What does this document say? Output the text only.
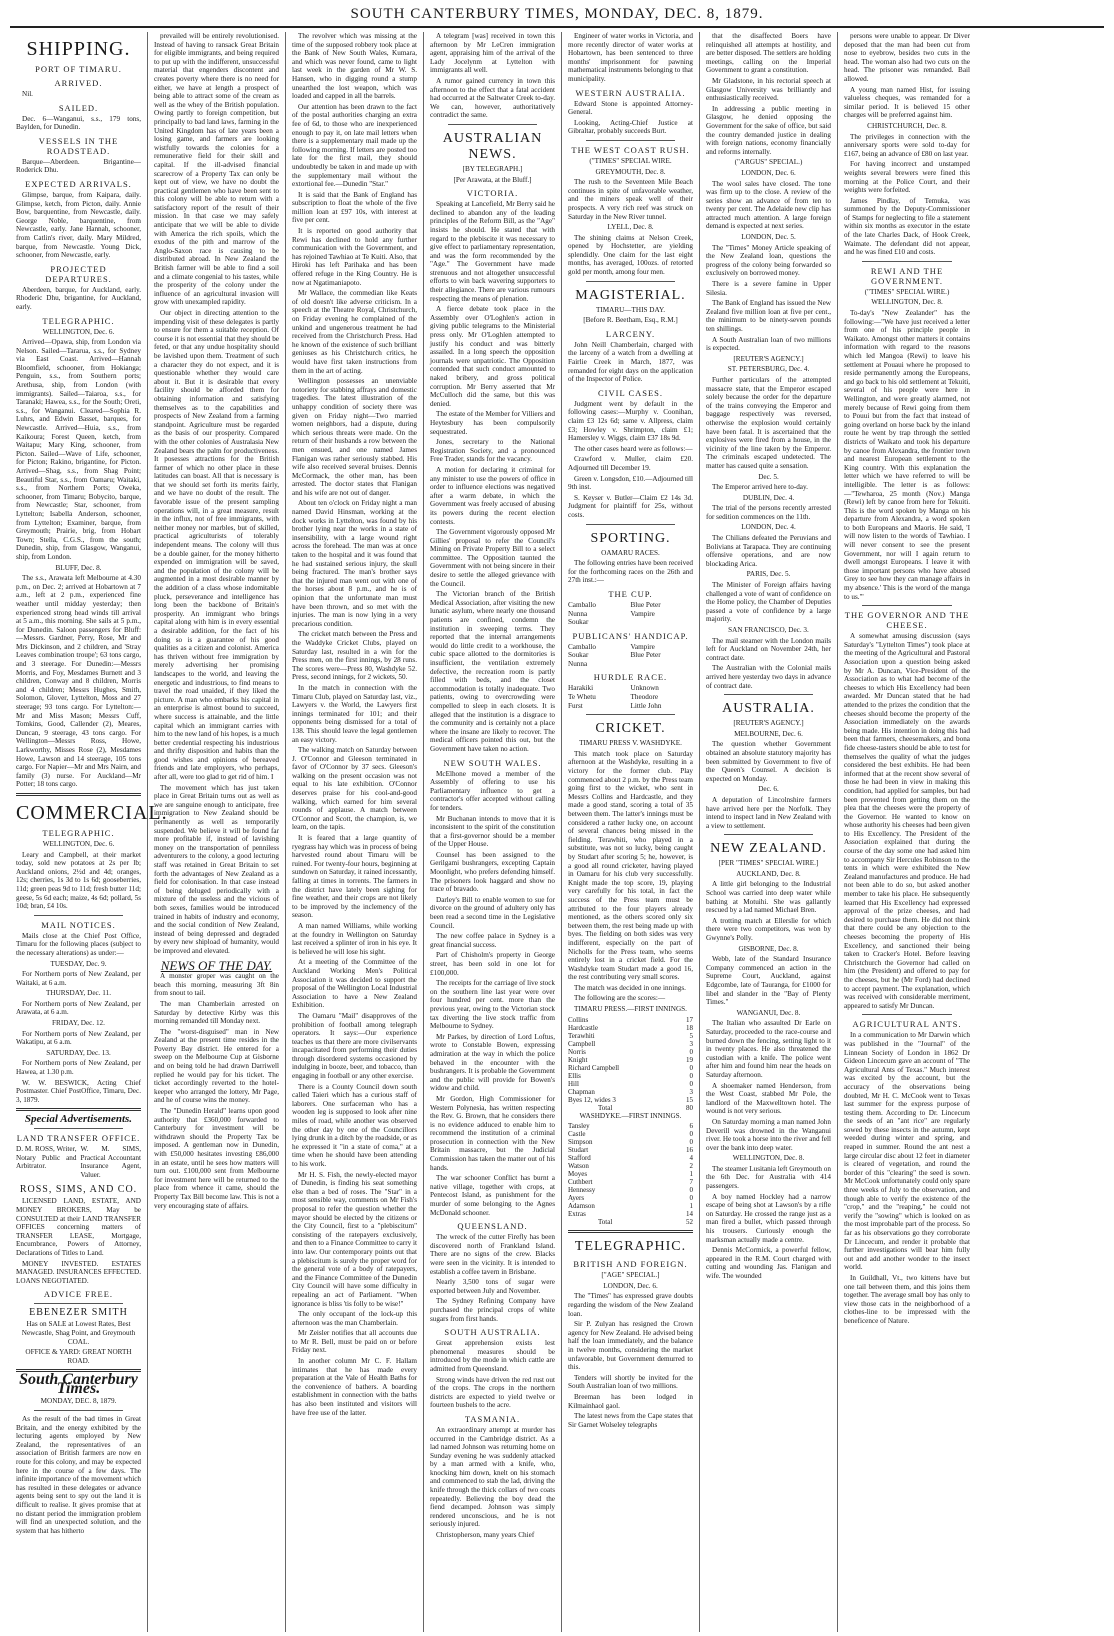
SOUTH CANTERBURY TIMES, MONDAY, DEC. 8, 1879.
SHIPPING.
PORT OF TIMARU.
ARRIVED.

Nil.

SAILED.

Dec. 6—Wanganui, s.s., 179 tons, Baylden, for Dunedin.

VESSELS IN THE ROADSTEAD.

Barque—Aberdeen. Brigantine—Roderick Dhu.

EXPECTED ARRIVALS.

Glimpse, barque, from Kaipara, daily. Glimpse, ketch, from Picton, daily. Annie Bow, barquentine, from Newcastle, daily. George Noble, barquentine, from Newcastle, early. Jane Hannah, schooner, from Catlin's river, daily. Mary Mildred, barque, from Newcastle. Young Dick, schooner, from Newcastle, early.

PROJECTED DEPARTURES.

Aberdeen, barque, for Auckland, early. Rhoderic Dhu, brigantine, for Auckland, early.

TELEGRAPHIC.

WELLINGTON, Dec. 6.

Arrived—Opawa, ship, from London via Nelson. Sailed—Tararua, s.s., for Sydney via East Coast. Arrived—Hannah Bloomfield, schooner, from Hokianga; Penguin, s.s., from Southern ports; Arethusa, ship, from London (with immigrants). Sailed—Taiaroa, s.s., for Taranaki; Hawea, s.s., for the South; Oreti, s.s., for Wanganui. Cleared—Sophia R. Luhrs, and Edwin Basset, barques, for Newcastle. Arrived—Huia, s.s., from Kaikoura; Forest Queen, ketch, from Waitapu; Mary King, schooner, from Picton. Sailed—Wave of Life, schooner, for Picton; Rakino, brigantine, for Picton. Arrived—Shag, s.s., from Shag Point; Beautiful Star, s.s., from Oamaru; Waitaki, s.s., from Northern Ports; Oweka, schooner, from Timaru; Bobycito, barque, from Newcastle; Star, schooner, from Lyttelton; Isabella Anderson, schooner, from Lyttelton; Examiner, barque, from Greymouth; Prairie, brig, from Hobart Town; Stella, C.G.S., from the south; Dunedin, ship, from Glasgow, Wanganui, ship, from London.

BLUFF, Dec. 8.

The s.s., Arawata left Melbourne at 4.30 p.m., on Dec. 2; arrived at Hobartown at 7 a.m., left at 2 p.m., experienced fine weather until midday yesterday; then experienced strong head winds till arrival at 5 a.m., this morning. She sails at 5 p.m., for Dunedin. Saloon passengers for Bluff:—Messrs. Gardner, Perry, Rose, Mr and Mrs Dickinson, and 2 children, and 'Stray Leaves combination troupe'; 63 tons cargo, and 3 steerage. For Dunedin:—Messrs Morris, and Foy, Mesdames Burnett and 3 children, Conway and 8 children, Morris and 4 children; Messrs Hughes, Smith, Solomon, Glover, Lyttelton, Moss and 27 steerage; 93 tons cargo. For Lyttelton:—Mr and Miss Mason; Messrs Cuff, Tomkins, Good, Callender (2), Meares, Duncan, 9 steerage, 43 tons cargo. For Wellington—Messrs Ross, Howe, Larkworthy, Misses Rose (2), Mesdames Howe, Lawson and 14 steerage, 105 tons cargo. For Napier—Mr and Mrs Nairn, and family (3) nurse. For Auckland—Mr Potter; 18 tons cargo.

COMMERCIAL.
TELEGRAPHIC.

WELLINGTON, Dec. 6.

Leary and Campbell, at their market today, sold new potatoes at 2s per lb; Auckland onions, 2½d and 4d; oranges, 12s; cherries, 1s 3d to 1s 6d; gooseberries, 11d; green peas 9d to 11d; fresh butter 11d; geese, 5s 6d each; maize, 4s 6d; pollard, 5s 10d; bran, £4 10s.

MAIL NOTICES.

Mails close at the Chief Post Office, Timaru for the following places (subject to the necessary alterations) as under:—

TUESDAY, Dec. 9.

For Northern ports of New Zealand, per Waitaki, at 6 a.m.

THURSDAY, Dec. 11.

For Northern ports of New Zealand, per Arawata, at 6 a.m.

FRIDAY, Dec. 12.

For Northern ports of New Zealand, per Wakatipu, at 6 a.m.

SATURDAY, Dec. 13.

For Northern ports of New Zealand, per Hawea, at 1.30 p.m.

W. W. BESWICK, Acting Chief Postmaster. Chief PostOffice, Timaru, Dec. 3, 1879.

Special Advertisements.
LAND TRANSFER OFFICE.

D. M. ROSS, Writer, Notary Public and Arbitrator.

W. M. SIMS, Practical Accountant Insurance Agent, Valuer.

ROSS, SIMS, AND CO.

LICENSED LAND, ESTATE, AND MONEY BROKERS, May be CONSULTED at their LAND TRANSFER OFFICES concerning matters of TRANSFER LEASE, Mortgage, Encumbrance, Powers of Attorney, Declarations of Titles to Land.

MONEY INVESTED. ESTATES MANAGED. INSURANCES EFFECTED. LOANS NEGOTIATED.

ADVICE FREE.
EBENEZER SMITH

Has on SALE at Lowest Rates, Best Newcastle, Shag Point, and Greymouth COAL.

OFFICE & YARD: GREAT NORTH ROAD.

South Canterbury Times.

MONDAY, DEC. 8, 1879.

As the result of the bad times in Great Britain, and the energy exhibited by the lecturing agents employed by New Zealand, the representatives of an association of British farmers are now en route for this colony, and may be expected here in the course of a few days. The infinite importance of the movement which has resulted in these delegates or advance agents being sent to spy out the land it is difficult to realise. It gives promise that at no distant period the immigration problem will find an unexpected solution, and the system that has hitherto

prevailed will be entirely revolutionised. Instead of having to ransack Great Britain for eligible immigrants, and being required to put up with the indifferent, unsuccessful material that engenders discontent and creates poverty where there is no need for either, we have at length a prospect of being able to attract some of the cream as well as the whey of the British population. Owing partly to foreign competition, but principally to bad land laws, farming in the United Kingdom has of late years been a losing game, and farmers are looking wistfully towards the colonies for a remunerative field for their skill and capital. If the ill-advised financial scarecrow of a Property Tax can only be kept out of view, we have no doubt the practical gentlemen who have been sent to this colony will be able to return with a satisfactory report of the result of their mission. In that case we may safely anticipate that we will be able to divide with America the rich spoils, which the exodus of the pith and marrow of the Anglo-Saxon race is causing to be distributed abroad. In New Zealand the British farmer will be able to find a soil and a climate congenial to his tastes, while the prosperity of the colony under the influence of an agricultural invasion will grow with unexampled rapidity.

Our object in directing attention to the impending visit of these delegates is partly to ensure for them a suitable reception. Of course it is not essential that they should be feted, or that any undue hospitality should be lavished upon them. Treatment of such a character they do not expect, and it is questionable whether they would care about it. But it is desirable that every facility should be afforded them for obtaining information and satisfying themselves as to the capabilities and prospects of New Zealand from a farming standpoint. Agriculture must be regarded as the basis of our prosperity. Compared with the other colonies of Australasia New Zealand bears the palm for productiveness. It posesses attractions for the British farmer of which no other place in these latitudes can boast. All that is necessary is that we should set forth its merits fairly, and we have no doubt of the result. The favorable issue of the present sampling operations will, in a great measure, result in the influx, not of free immigrants, with neither money nor marbles, but of skilled, practical agriculturists of tolerably independent means. The colony will thus be a double gainer, for the money hitherto expended on immigration will be saved, and the population of the colony will be augmented in a most desirable manner by the addition of a class whose indomitable pluck, perseverance and intelligence has long been the backbone of Britain's prosperity. An immigrant who brings capital along with him is in every essential a desirable addition, for the fact of his doing so is a guarantee of his good qualities as a citizen and colonist. America has thriven without free immigration by merely advertising her promising landscapes to the world, and leaving the energetic and industrious, to find means to travel the road unaided, if they liked the picture. A man who embarks his capital in an enterprise is almost bound to succeed, where success is attainable, and the little capital which an immigrant carries with him to the new land of his hopes, is a much better credential respecting his industrious and thrifty disposition and habits than the good wishes and opinions of bereaved friends and late employers, who perhaps, after all, were too glad to get rid of him. I

The movement which has just taken place in Great Britain turns out as well as we are sanguine enough to anticipate, free immigration to New Zealand should be permanently as well as temporarily suspended. We believe it will be found far more profitable if, instead of lavishing money on the transportation of penniless adventurers to the colony, a good lecturing staff was retained in Great Britain to set forth the advantages of New Zealand as a field for colonisation. In that case instead of being deluged periodically with a mixture of the useless and the vicious of both sexes, families would be introduced trained in habits of industry and economy, and the social condition of New Zealand, instead of being depressed and degraded by every new shipload of humanity, would be improved and elevated.

NEWS OF THE DAY.

A monster groper was caught on the beach this morning, measuring 3ft 8in from snout to tail.

The man Chamberlain arrested on Saturday by detective Kirby was this morning remanded till Monday next.

The "worst-disguised" man in New Zealand at the present time resides in the Poverty Bay district. He entered for a sweep on the Melbourne Cup at Gisborne and on being told he had drawn Darriwell replied he would pay for his ticket. The ticket accordingly reverted to the hotel-keeper who arranged the lottery, Mr Page, and he of course wins the money.

The "Dunedin Herald" learns upon good authority that £360,000 forwarded to Canterbury for investment will be withdrawn should the Property Tax be imposed. A gentleman now in Dunedin, with £50,000 hesitates investing £86,000 in an estate, until he sees how matters will turn out. £100,000 sent from Melbourne for investment here will be returned to the place from whence it came, should the Property Tax Bill become law. This is not a very encouraging state of affairs.

The revolver which was missing at the time of the supposed robbery took place at the Bank of New South Wales, Kumara, and which was never found, came to light last week in the garden of Mr W. S. Hansen, who in digging round a stump unearthed the lost weapon, which was loaded and capped in all the barrels.

Our attention has been drawn to the fact of the postal authorities charging an extra fee of 6d, to those who are inexperienced enough to pay it, on late mail letters when there is a supplementary mail made up the following morning. If letters are posted too late for the first mail, they should undoubtedly be taken in and made up with the supplementary mail without the extortional fee.—Dunedin "Star."

It is said that the Bank of England has subscription to float the whole of the five million loan at £97 10s, with interest at five per cent.

It is reported on good authority that Rewi has declined to hold any further communication with the Government, and has rejoined Tawhiao at Te Kuiti. Also, that Hiroki has left Parihaka and has been offered refuge in the King Country. He is now at Ngatimaniapoto.

Mr Wallace, the commedian like Keats of old doesn't like adverse criticism. In a speech at the Theatre Royal, Christchurch, on Friday evening he complained of the unkind and ungenerous treatment he had received from the Christchurch Press. Had he known of the existence of such brilliant geniuses as his Christchurch critics, he would have first taken instructions from them in the art of acting.

Wellington possesses an unenviable notoriety for stabbing affrays and domestic tragedies. The latest illustration of the unhappy condition of society there was given on Friday night—Two married women neighbors, had a dispute, during which serious threats were made. On the return of their husbands a row between the men ensued, and one named James Flanigan was rather seriously stabbed. His wife also received several bruises. Dennis McCormack, the other man, has been arrested. The doctor states that Flanigan and his wife are not out of danger.

About ten o'clock on Friday night a man named David Hinsman, working at the dock works in Lyttelton, was found by his brother lying near the works in a state of insensibility, with a large wound right across the forehead. The man was at once taken to the hospital and it was found that he had sustained serious injury, the skull being fractured. The man's brother says that the injured man went out with one of the horses about 8 p.m., and he is of opinion that the unfortunate man must have been thrown, and so met with the injuries. The man is now lying in a very precarious condition.

The cricket match between the Press and the Waddyke Cricket Clubs, played on Saturday last, resulted in a win for the Press men, on the first innings, by 28 runs. The scores were—Press 80, Washdyke 52. Press, second innings, for 2 wickets, 50.

In the match in connection with the Timaru Club, played on Saturday last, viz., Lawyers v. the World, the Lawyers first innings terminated for 101; and their opponents being dismissed for a total of 138. This should leave the legal gentlemen an easy victory.

The walking match on Saturday between J. O'Connor and Gleeson terminated in favor of O'Connor by 37 secs. Gleeson's walking on the present occasion was not equal to his late exhibition. O'Connor deserves praise for his cool-and-good walking, which earned for him several rounds of applause. A match between O'Connor and Scott, the champion, is, we learn, on the tapis.

It is feared that a large quantity of ryegrass hay which was in process of being harvested round about Timaru will be ruined. For twenty-four hours, beginning at sundown on Saturday, it rained incessantly, falling at times in torrents. The farmers in the district have lately been sighing for fine weather, and their crops are not likely to be improved by the inclemency of the season.

A man named Williams, while working at the foundry in Wellington on Saturday last received a splinter of iron in his eye. It is believed he will lose his sight.

At a meeting of the Committee of the Auckland Working Men's Political Association it was decided to support the proposal of the Wellington Local Industrial Association to have a New Zealand Exhibition.

The Oamaru "Mail" disapproves of the prohibition of football among telegraph operators. It says:—Our experience teaches us that there are more civilservants incapacitated from performing their duties through disordered systems occasioned by indulging in booze, beer, and tobacco, than engaging in football or any other exercise.

There is a County Council down south called Taieri which has a curious staff of laborers. One surfaceman who has a wooden leg is supposed to look after nine miles of road, while another was observed the other day by one of the Councillors lying drunk in a ditch by the roadside, or as he expressed it "in a state of coma," at a time when he should have been attending to his work.

Mr H. S. Fish, the newly-elected mayor of Dunedin, is finding his seat something else than a bed of roses. The "Star" in a most sensible way, comments on Mr Fish's proposal to refer the question whether the mayor should be elected by the citizens or the City Council, first to a "plebiscitum" consisting of the ratepayers exclusively, and then to a Finance Committee to carry it into law. Our contemporary points out that a plebiscitum is surely the proper word for the general vote of a body of ratepayers, and the Finance Committee of the Dunedin City Council will have some difficulty in repealing an act of Parliament. "When ignorance is bliss 'tis folly to be wise!"

The only occupant of the lock-up this afternoon was the man Chamberlain.

Mr Zeisler notifies that all accounts due to Mr R. Bell, must be paid on or before Friday next.

In another column Mr C. F. Hallam intimates that he has made every preparation at the Vale of Health Baths for the convenience of bathers. A boarding establishment in connection with the baths has also been instituted and visitors will have free use of the latter.

A telegram [was] received in town this afternoon by Mr LeCren immigration agent, appraising him of the arrival of the Lady Jocelynm at Lyttelton with immigrants all well.

A rumor gained currency in town this afternoon to the effect that a fatal accident had occurred at the Saltwater Creek to-day. We can, however, authoritatively contradict the same.

AUSTRALIAN NEWS.

[BY TELEGRAPH.]

[Per Arawata, at the Bluff.]

VICTORIA.

Speaking at Lancefield, Mr Berry said he declined to abandon any of the leading principles of the Reform Bill, as the "Age" insists he should. He stated that with regard to the plebiscite it was necessary to give effect to parliamentary representation, and was the form recommended by the "Age." The Government have made strenuous and not altogether unsuccessful efforts to win back wavering supporters to their allegiance. There are various rumours respecting the means of plenation.

A fierce debate took place in the Assembly over O'Loghlen's action in giving public telegrams to the Ministerial press only. Mr O'Loghlen attempted to justify his conduct and was bitterly assailed. In a long speech the opposition journals were unpatriotic. The Opposition contended that such conduct amounted to naked bribery, and gross political corruption. Mr Berry asserted that Mr McCulloch did the same, but this was denied.

The estate of the Member for Villiers and Heytesbury has been compulsorily sequestrated.

Jones, secretary to the National Registration Society, and a pronounced Free Trader, stands for the vacancy.

A motion for declaring it criminal for any minister to use the powers of office in order to influence elections was negatived after a warm debate, in which the Government was freely accused of abusing its powers during the recent election contests.

The Government vigorously opposed Mr Gillies' proposal to refer the Council's Mining on Private Property Bill to a select committee. The Opposition taunted the Government with not being sincere in their desire to settle the alleged grievance with the Council.

The Victorian branch of the British Medical Association, after visiting the new lunatic asylum, where nearly one thousand patients are confined, condemn the institution in sweeping terms. They reported that the internal arrangements would do little credit to a workhouse, the cubic space allotted to the dormitories is insufficient, the ventilation extremely defective, the recreation room is partly filled with beds, and the closet accommodation is totally inadequate. Two patients, owing to overcrowding were compelled to sleep in each closets. It is alleged that the institution is a disgrace to the community and is certainly not a place where the insane are likely to recover. The medical officers pointed this out, but the Government have taken no action.

NEW SOUTH WALES.

McElhone moved a member of the Assembly of offering to use his Parliamentary influence to get a contractor's offer accepted without calling for tenders.

Mr Buchanan intends to move that it is inconsistent to the spirit of the constitution that a first-governor should be a member of the Upper House.

Counsel has been assigned to the Gerilgami bushrangers, excepting Captain Moonlight, who prefers defending himself. The prisoners look haggard and show no trace of bravado.

Darley's Bill to enable women to sue for divorce on the ground of adultery only has been read a second time in the Legislative Council.

The new coffee palace in Sydney is a great financial success.

Part of Chisholm's property in George street, has been sold in one lot for £100,000.

The receipts for the carriage of live stock on the southern line last year were over four hundred per cent. more than the previous year, owing to the Victorian stock tax diverting the live stock traffic from Melbourne to Sydney.

Mr Parkes, by direction of Lord Loftus, wrote to Constable Bowen, expressing admiration at the way in which the police behaved in the encounter with the bushrangers. It is probable the Government and the public will provide for Bowen's widow and child.

Mr Gordon, High Commissioner for Western Polynesia, has written respecting the Rev. G. Brown, that he considers there is no evidence adduced to enable him to recommend the institution of a criminal prosecution in connection with the New Britain massacre, but the Judicial Commission has taken the matter out of his hands.

The war schooner Conflict has burnt a native village, together with crops, at Pentecost Island, as punishment for the murder of some belonging to the Agnes McDonald schooner.

QUEENSLAND.

The wreck of the cutter Firefly has been discovered north of Frankland Island. There are no signs of the crew. Blacks were seen in the vicinity. It is intended to establish a coffee tavern in Brisbane.

Nearly 3,500 tons of sugar were exported between July and November.

The Sydney Refining Company have purchased the principal crops of white sugars from first hands.

SOUTH AUSTRALIA.

Great apprehension exists lest phenomenal measures should be introduced by the mode in which cattle are admitted from Queensland.

Strong winds have driven the red rust out of the crops. The crops in the northern districts are expected to yield twelve or fourteen bushels to the acre.

TASMANIA.

An extraordinary attempt at murder has occurred in the Cambridge district. As a lad named Johnson was returning home on Sunday evening he was suddenly attacked by a man armed with a knife, who, knocking him down, knelt on his stomach and commenced to stab the lad, driving the knife through the thick collars of two coats repeatedly. Believing the boy dead the fiend decamped. Johnson was simply rendered unconscious, and he is not seriously injured.

Christopherson, many years Chief

Engineer of water works in Victoria, and more recently director of water works at Hobartown, has been sentenced to three months' imprisonment for pawning mathematical instruments belonging to that municipality.

WESTERN AUSTRALIA.

Edward Stone is appointed Attorney-General.

Looking, Acting-Chief Justice at Gibraltar, probably succeeds Burt.

THE WEST COAST RUSH.

("TIMES" SPECIAL WIRE.

GREYMOUTH, Dec. 8.

The rush to the Seventeen Mile Beach continues in spite of unfavorable weather, and the miners speak well of their prospects. A very rich reef was struck on Saturday in the New River tunnel.

LYELL, Dec. 8.

The shining claims at Nelson Creek, opened by Hochstetter, are yielding splendidly. One claim for the last eight months, has averaged, 100ozs. of retorted gold per month, among four men.

MAGISTERIAL.

TIMARU—THIS DAY.

[Before R. Beetham, Esq., R.M.]

LARCENY.

John Neill Chamberlain, charged with the larceny of a watch from a dwelling at Fairlie Creek in March, 1877, was remanded for eight days on the application of the Inspector of Police.

CIVIL CASES.

Judgment went by default in the following cases:—Murphy v. Coonihan, claim £3 12s 6d; same v. Allpress, claim £3; Howley v. Shrimpton, claim £1; Hamersley v. Wiggs, claim £37 18s 9d.

The other cases heard were as follows:—

Crawford v. Muller, claim £20. Adjourned till December 19.

Green v. Longsdon, £10.—Adjourned till 9th inst.

S. Keyser v. Butler—Claim £2 14s 3d. Judgment for plaintiff for 25s, without costs.

SPORTING.

OAMARU RACES.

The following entries have been received for the forthcoming races on the 26th and 27th inst.:—

THE CUP.
Camballo
Nunna
Soukar
Blue Peter
Vampire
PUBLICANS' HANDICAP.
Camballo
Soukar
Nunna
Vampire
Blue Peter
HURDLE RACE.
Harakiki
Te Whetu
Furst
Unknown
Theodore
Little John
CRICKET.

TIMARU PRESS V. WASHDYKE.

This match took place on Saturday afternoon at the Washdyke, resulting in a victory for the former club. Play commenced about 2 p.m. by the Press team going first to the wicket, who sent in Messrs Collins and Hardcastle, and they made a good stand, scoring a total of 35 between them. The latter's innings must be considered a rather lucky one, on account of several chances being missed in the fielding. Terawhiti, who played in a substitute, was not so lucky, being caught by Studart after scoring 5; he, however, is a good all round cricketer, having played in Oamaru for his club very successfully. Knight made the top score, 19, playing very carefully for his total, in fact the success of the Press team must be attributed to the four players already mentioned, as the others scored only six between them, the rest being made up with byes. The fielding on both sides was very indifferent, especially on the part of Nicholls for the Press team, who seems entirely lost in a cricket field. For the Washdyke team Studart made a good 16, the rest contributing very small scores.

The match was decided in one innings.

The following are the scores:—

TIMARU PRESS.—FIRST INNINGS.

Collins	17
Hardcastle	18
Terawhiti	5
Campbell	3
Norris	0
Knight	19
Richard Campbell	0
Ellis	0
Hill	0
Chapman	3
Byes 12, wides 3	15
Total	80

WASHDYKE.—FIRST INNINGS.

Tansley	6
Castle	0
Simpson	0
Studart	16
Stafford	4
Watson	2
Moyes	1
Cuthbert	7
Hennessy	0
Ayers	0
Adamson	1
Extras	14
Total	52
TELEGRAPHIC.
BRITISH AND FOREIGN.

["AGE" SPECIAL.]

LONDON, Dec. 6.

The "Times" has expressed grave doubts regarding the wisdom of the New Zealand loan.

Sir P. Zulyan has resigned the Crown agency for New Zealand. He advised being half the loan immediately, and the balance in twelve months, considering the market unfavorable, but Government demurred to this.

Tenders will shortly be invited for the South Australian loan of two millions.

Breeman has been lodged in Kilmainhaol gaol.

The latest news from the Cape states that Sir Garnet Wolseley telegraphs

that the disaffected Boers have relinquished all attempts at hostility, and are better disposed. The settlers are holding meetings, calling on the Imperial Government to grant a constitution.

Mr Gladstone, in his rectorial speech at Glasgow University was brilliantly and enthusiastically received.

In addressing a public meeting in Glasgow, he denied opposing the Government for the sake of office, but said the country demanded justice in dealing with foreign nations, economy financially and reforms internally.

("ARGUS" SPECIAL.)

LONDON, Dec. 6.

The wool sales have closed. The tone was firm up to the close. A review of the series show an advance of from ten to twenty per cent. The Adelaide new clip has attracted much attention. A large foreign demand is expected at next series.

LONDON, Dec. 5.

The "Times" Money Article speaking of the New Zealand loan, questions the progress of the colony being forwarded so exclusively on borrowed money.

There is a severe famine in Upper Silesia.

The Bank of England has issued the New Zealand five million loan at five per cent., the minimum to be ninety-seven pounds ten shillings.

A South Australian loan of two millions is expected.

[REUTER'S AGENCY.]

ST. PETERSBURG, Dec. 4.

Further particulars of the attempted massacre state, that the Emperor escaped solely because the order for the departure of the trains conveying the Emperor and baggage respectively was reversed, otherwise the explosion would certainly have been fatal. It is ascertained that the explosives were fired from a house, in the vicinity of the line taken by the Emperor. The criminals escaped undetected. The matter has caused quite a sensation.

Dec. 5.

The Emperor arrived here to-day.

DUBLIN, Dec. 4.

The trial of the persons recently arrested for sedition commences on the 11th.

LONDON, Dec. 4.

The Chilians defeated the Peruvians and Bolivians at Tarapaca. They are continuing offensive operations, and are now blockading Arica.

PARIS, Dec. 5.

The Minister of Foreign affairs having challenged a vote of want of confidence on the Home policy, the Chamber of Deputies passed a vote of confidence by a large majority.

SAN FRANCISCO, Dec. 3.

The mail steamer with the London mails left for Auckland on November 24th, her contract date.

The Australian with the Colonial mails arrived here yesterday two days in advance of contract date.

AUSTRALIA.

[REUTER'S AGENCY.]

MELBOURNE, Dec. 6.

The question whether Government obtained an absolute statutory majority has been submitted by Government to five of the Queen's Counsel. A decision is expected on Monday.

Dec. 6.

A deputation of Lincolnshire farmers have arrived here per the Norfolk. They intend to inspect land in New Zealand with a view to settlement.

NEW ZEALAND.

[PER "TIMES" SPECIAL WIRE.]

AUCKLAND, Dec. 8.

A little girl belonging to the Industrial School was carried into deep water while bathing at Motuihi. She was gallantly rescued by a lad named Michael Bren.

A trotting match at Ellerslie for which there were two competitors, was won by Gwynne's Polly.

GISBORNE, Dec. 8.

Webb, late of the Standard Insurance Company commenced an action in the Supreme Court, Auckland, against Edgcombe, late of Tauranga, for £1000 for libel and slander in the "Bay of Plenty Times."

WANGANUI, Dec. 8.

The Italian who assaulted Dr Earle on Saturday, proceeded to the race-course and burned down the fencing, setting light to it in twenty places. He also threatened the custodian with a knife. The police went after him and found him near the heads on Saturday afternoon.

A shoemaker named Henderson, from the West Coast, stabbed Mr Pole, the landlord of the Maxwelltown hotel. The wound is not very serious.

On Saturday morning a man named John Deverill was drowned in the Wanganui river. He took a horse into the river and fell over the bank into deep water.

WELLINGTON, Dec. 8.

The steamer Lusitania left Greymouth on the 6th Dec. for Australia with 414 passengers.

A boy named Hockley had a narrow escape of being shot at Lawson's by a rifle on Saturday. He crossed the range just as a man fired a bullet, which passed through his trousers. Curiously enough the marksman actually made a centre.

Dennis McCormick, a powerful fellow, appeared in the R.M. Court charged with cutting and wounding Jas. Flanigan and wife. The wounded

persons were unable to appear. Dr Diver deposed that the man had been cut from nose to eyebrow, besides two cuts in the head. The woman also had two cuts on the head. The prisoner was remanded. Bail allowed.

A young man named Hist, for issuing valueless cheques, was remanded for a similar period. It is believed 15 other charges will be preferred against him.

CHRISTCHURCH, Dec. 8.

The privileges in connection with the anniversary sports were sold to-day for £167, being an advance of £80 on last year.

For having incorrect and unstamped weights several brewers were fined this morning at the Police Court, and their weights were forfeited.

James Pindlay, of Temuka, was summoned by the Deputy-Commissioner of Stamps for neglecting to file a statement within six months as executor in the estate of the late Charles Dack, of Hook Creek, Waimate. The defendant did not appear, and he was fined £10 and costs.

REWI AND THE GOVERNMENT.

("TIMES" SPECIAL WIRE.)

WELLINGTON, Dec. 8.

To-day's "New Zealander" has the following:—"We have just received a letter from one of his principle people in Waikato. Amongst other matters it contains information with regard to the reasons which led Mangoa (Rewi) to leave his settlement at Pouaui where he proposed to reside permanently among the Europeans, and go back to his old settlement at Tekuiti, several of his people were here in Wellington, and were greatly alarmed, not merely because of Rewi going from them to Pouui but from the fact that instead of going overland on horse back by the inland route he went by trap through the settled districts of Waikato and took his departure by canoe from Alexandra, the frontier town and nearest European settlement to the King country. With this explanation the letter which we have referred to will be intelligible. The letter is as follows:—"Tewharoa, 25 month (Nov.) Manga (Rewi) left by canoe from here for Tekuiti. This is the word spoken by Manga on his departure from Alexandra, a word spoken to both Europeans and Maoris. He said, 'I will now listen to the words of Tawhiao. I will never consent to see the present Government, nor will I again return to dwell amongst Europeans. I leave it with those important persons who have abused Grey to see how they can manage affairs in my absence.' This is the word of the manga to us.'"

THE GOVERNOR AND THE CHEESE.

A somewhat amusing discussion (says Saturday's "Lyttelton Times") took place at the meeting of the Agricultural and Pastoral Association upon a question being asked by Mr A. Duncan, Vice-President of the Association as to what had become of the cheeses to which His Excellency had been awarded. Mr Duncan stated that he had attended to the prizes the condition that the cheeses should become the property of the Association immediately on the awards being made. His intention in doing this had been that farmers, cheesemakers, and bona fide cheese-tasters should be able to test for themselves the quality of what the judges considered the best exhibits. He had been informed that at the recent show several of those he had been in view in making this condition, had applied for samples, but had been prevented from getting them on the plea that the cheeses were the property of the Governor. He wanted to know on whose authority his cheeses had been given to His Excellency. The President of the Association explained that during the course of the day some one had asked him to accompany Sir Hercules Robinson to the tents in which were exhibited the New Zealand manufactures and produce. He had not been able to do so, but asked another member to take his place. He subsequently learned that His Excellency had expressed approval of the prize cheeses, and had desired to purchase them. He did not think that there could be any objection to the cheeses becoming the property of His Excellency, and sanctioned their being taken to Cracker's Hotel. Before leaving Christchurch the Governor had called on him (the President) and offered to pay for the cheeses, but he (Mr Ford) had declined to accept payment. The explanation, which was received with considerable merriment, appeared to satisfy Mr Duncan.

AGRICULTURAL ANTS.

In a communication to Mr Darwin which was published in the "Journal" of the Linnean Society of London in 1862 Dr Gideon Lincecum gave an account of "The Agricultural Ants of Texas." Much interest was excited by the account, but the accuracy of the observations being doubted, Mr H. C. McCook went to Texas last summer for the express purpose of testing them. According to Dr. Lincecum the seeds of an "ant rice" are regularly sowed by these insects in the autumn, kept weeded during winter and spring, and reaped in summer. Round the ant nest a large circular disc about 12 feet in diameter is cleared of vegetation, and round the border of this "clearing" the seed is sown. Mr McCook unfortunately could only spare three weeks of July to the observation, and though able to verify the existence of the "crop," and the "reaping," he could not verify the "sowing" which is looked on as the most improbable part of the process. So far as his observations go they corroborate Dr Lincecum, and render it probable that further investigations will bear him fully out and add another wonder to the insect world.

In Guildhall, Vt., two kittens have but one tail between them, and this joins them together. The average small boy has only to view those cats in the neighborhood of a clothes-line to be impressed with the beneficence of Nature.
